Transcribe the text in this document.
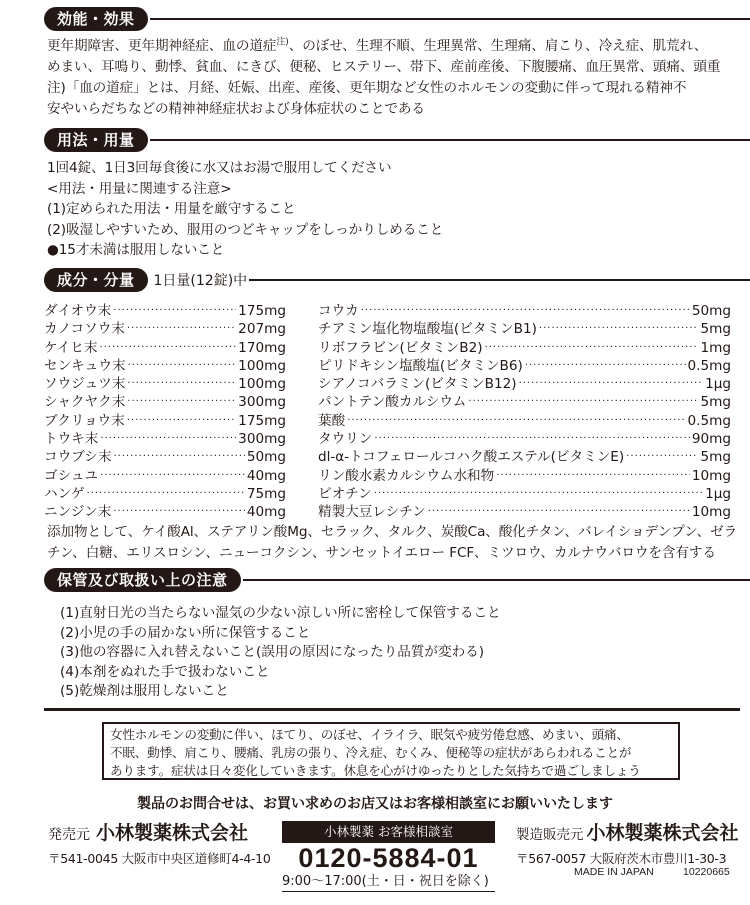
効能・効果
更年期障害、更年期神経症、血の道症$^{注)}$、のぼせ、生理不順、生理異常、生理痛、肩こり、冷え症、肌荒れ、
めまい、耳鳴り、動悸、貧血、にきび、便秘、ヒステリー、帯下、産前産後、下腹腰痛、血圧異常、頭痛、頭重
注)「血の道症」とは、月経、妊娠、出産、産後、更年期など女性のホルモンの変動に伴って現れる精神不
安やいらだちなどの精神神経症状および身体症状のことである
用法・用量
1回4錠、1日3回毎食後に水又はお湯で服用してください
<用法・用量に関連する注意>
(1)定められた用法・用量を厳守すること
(2)吸湿しやすいため、服用のつどキャップをしっかりしめること
●15才未満は服用しないこと
成分・分量	1日量(12錠)中
ダイオウ末 ·····	175mg
カノコソウ末 ·····	207mg
ケイヒ末 ·····	170mg
センキュウ末 ·····	100mg
ソウジュツ末 ·····	100mg
シャクヤク末 ·····	300mg
ブクリョウ末 ·····	175mg
トウキ末 ·····	300mg
コウブシ末 ·····	50mg
ゴシュユ ·····	40mg
ハンゲ ·····	75mg
ニンジン末 ·····	40mg
コウカ ·····	50mg
チアミン塩化物塩酸塩(ビタミンB1) ·····	5mg
リボフラビン(ビタミンB2) ·····	1mg
ピリドキシン塩酸塩(ビタミンB6) ·····	0.5mg
シアノコバラミン(ビタミンB12) ·····	1μg
パントテン酸カルシウム ·····	5mg
葉酸 ·····	0.5mg
タウリン ·····	90mg
dl-α-トコフェロールコハク酸エステル(ビタミンE) ·····	5mg
リン酸水素カルシウム水和物 ·····	10mg
ビオチン ·····	1μg
精製大豆レシチン ·····	10mg
添加物として、ケイ酸Al、ステアリン酸Mg、セラック、タルク、炭酸Ca、酸化チタン、バレイショデンプン、ゼラ
チン、白糖、エリスロシン、ニューコクシン、サンセットイエロー FCF、ミツロウ、カルナウバロウを含有する
保管及び取扱い上の注意
(1)直射日光の当たらない湿気の少ない涼しい所に密栓して保管すること
(2)小児の手の届かない所に保管すること
(3)他の容器に入れ替えないこと(誤用の原因になったり品質が変わる)
(4)本剤をぬれた手で扱わないこと
(5)乾燥剤は服用しないこと
女性ホルモンの変動に伴い、ほてり、のぼせ、イライラ、眠気や疲労倦怠感、めまい、頭痛、
不眠、動悸、肩こり、腰痛、乳房の張り、冷え症、むくみ、便秘等の症状があらわれることが
あります。症状は日々変化していきます。休息を心がけゆったりとした気持ちで過ごしましょう
製品のお問合せは、お買い求めのお店又はお客様相談室にお願いいたします
発売元 小林製薬株式会社
〒541-0045 大阪市中央区道修町4-4-10
小林製薬 お客様相談室
0120-5884-01
9:00～17:00(土・日・祝日を除く)
製造販売元 小林製薬株式会社
〒567-0057 大阪府茨木市豊川1-30-3
MADE IN JAPAN	10220665
